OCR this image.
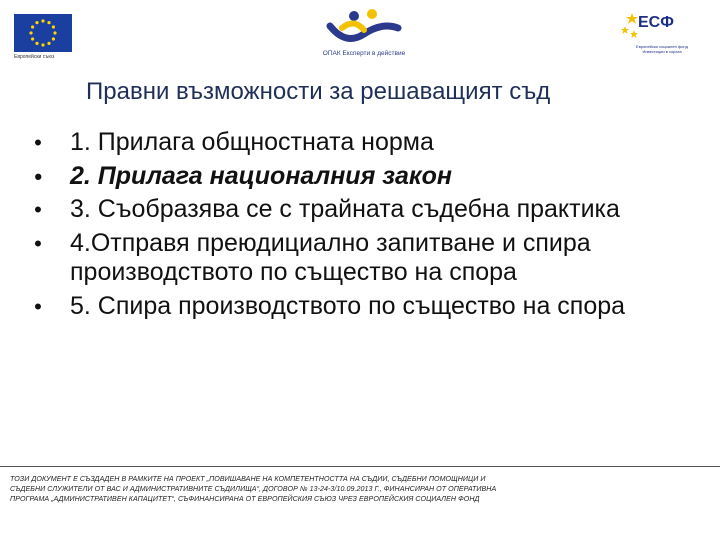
Европейски съюз	ОПАК Експерти в действие
ЕСФ
Европейски социален фонд Инвестиции в хората
Правни възможности за решаващият съд
• 1. Прилага общностната норма
• 2. Прилага националния закон
• 3. Съобразява се с трайната съдебна практика
• 4.Отправя преюдициално запитване и спира производството по същество на спора
• 5. Спира производството по същество на спора
ТОЗИ ДОКУМЕНТ Е СЪЗДАДЕН В РАМКИТЕ НА ПРОЕКТ „ПОВИШАВАНЕ НА КОМПЕТЕНТНОСТТА НА СЪДИИ, СЪДЕБНИ ПОМОЩНИЦИ И
СЪДЕБНИ СЛУЖИТЕЛИ ОТ ВАС И АДМИНИСТРАТИВНИТЕ СЪДИЛИЩА“, ДОГОВОР № 13-24-3/10.09.2013 Г., ФИНАНСИРАН ОТ ОПЕРАТИВНА
ПРОГРАМА „АДМИНИСТРАТИВЕН КАПАЦИТЕТ“, СЪФИНАНСИРАНА ОТ ЕВРОПЕЙСКИЯ СЪЮЗ ЧРЕЗ ЕВРОПЕЙСКИЯ СОЦИАЛЕН ФОНД
